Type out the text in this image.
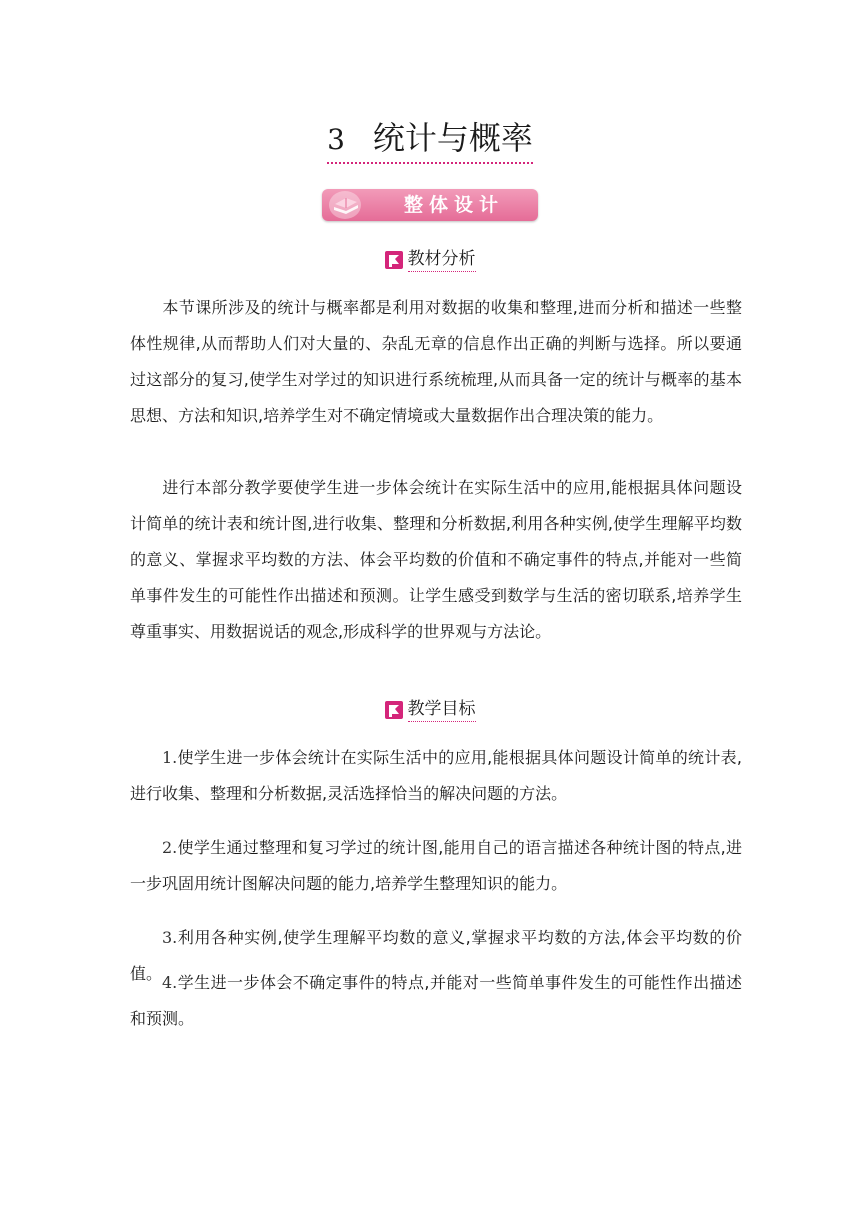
3 统计与概率
整体设计
教材分析

本节课所涉及的统计与概率都是利用对数据的收集和整理,进而分析和描述一些整体性规律,从而帮助人们对大量的、杂乱无章的信息作出正确的判断与选择。所以要通过这部分的复习,使学生对学过的知识进行系统梳理,从而具备一定的统计与概率的基本思想、方法和知识,培养学生对不确定情境或大量数据作出合理决策的能力。

进行本部分教学要使学生进一步体会统计在实际生活中的应用,能根据具体问题设计简单的统计表和统计图,进行收集、整理和分析数据,利用各种实例,使学生理解平均数的意义、掌握求平均数的方法、体会平均数的价值和不确定事件的特点,并能对一些简单事件发生的可能性作出描述和预测。让学生感受到数学与生活的密切联系,培养学生尊重事实、用数据说话的观念,形成科学的世界观与方法论。

教学目标

1.使学生进一步体会统计在实际生活中的应用,能根据具体问题设计简单的统计表,进行收集、整理和分析数据,灵活选择恰当的解决问题的方法。

2.使学生通过整理和复习学过的统计图,能用自己的语言描述各种统计图的特点,进一步巩固用统计图解决问题的能力,培养学生整理知识的能力。

3.利用各种实例,使学生理解平均数的意义,掌握求平均数的方法,体会平均数的价值。 4.学生进一步体会不确定事件的特点,并能对一些简单事件发生的可能性作出描述和预测。
